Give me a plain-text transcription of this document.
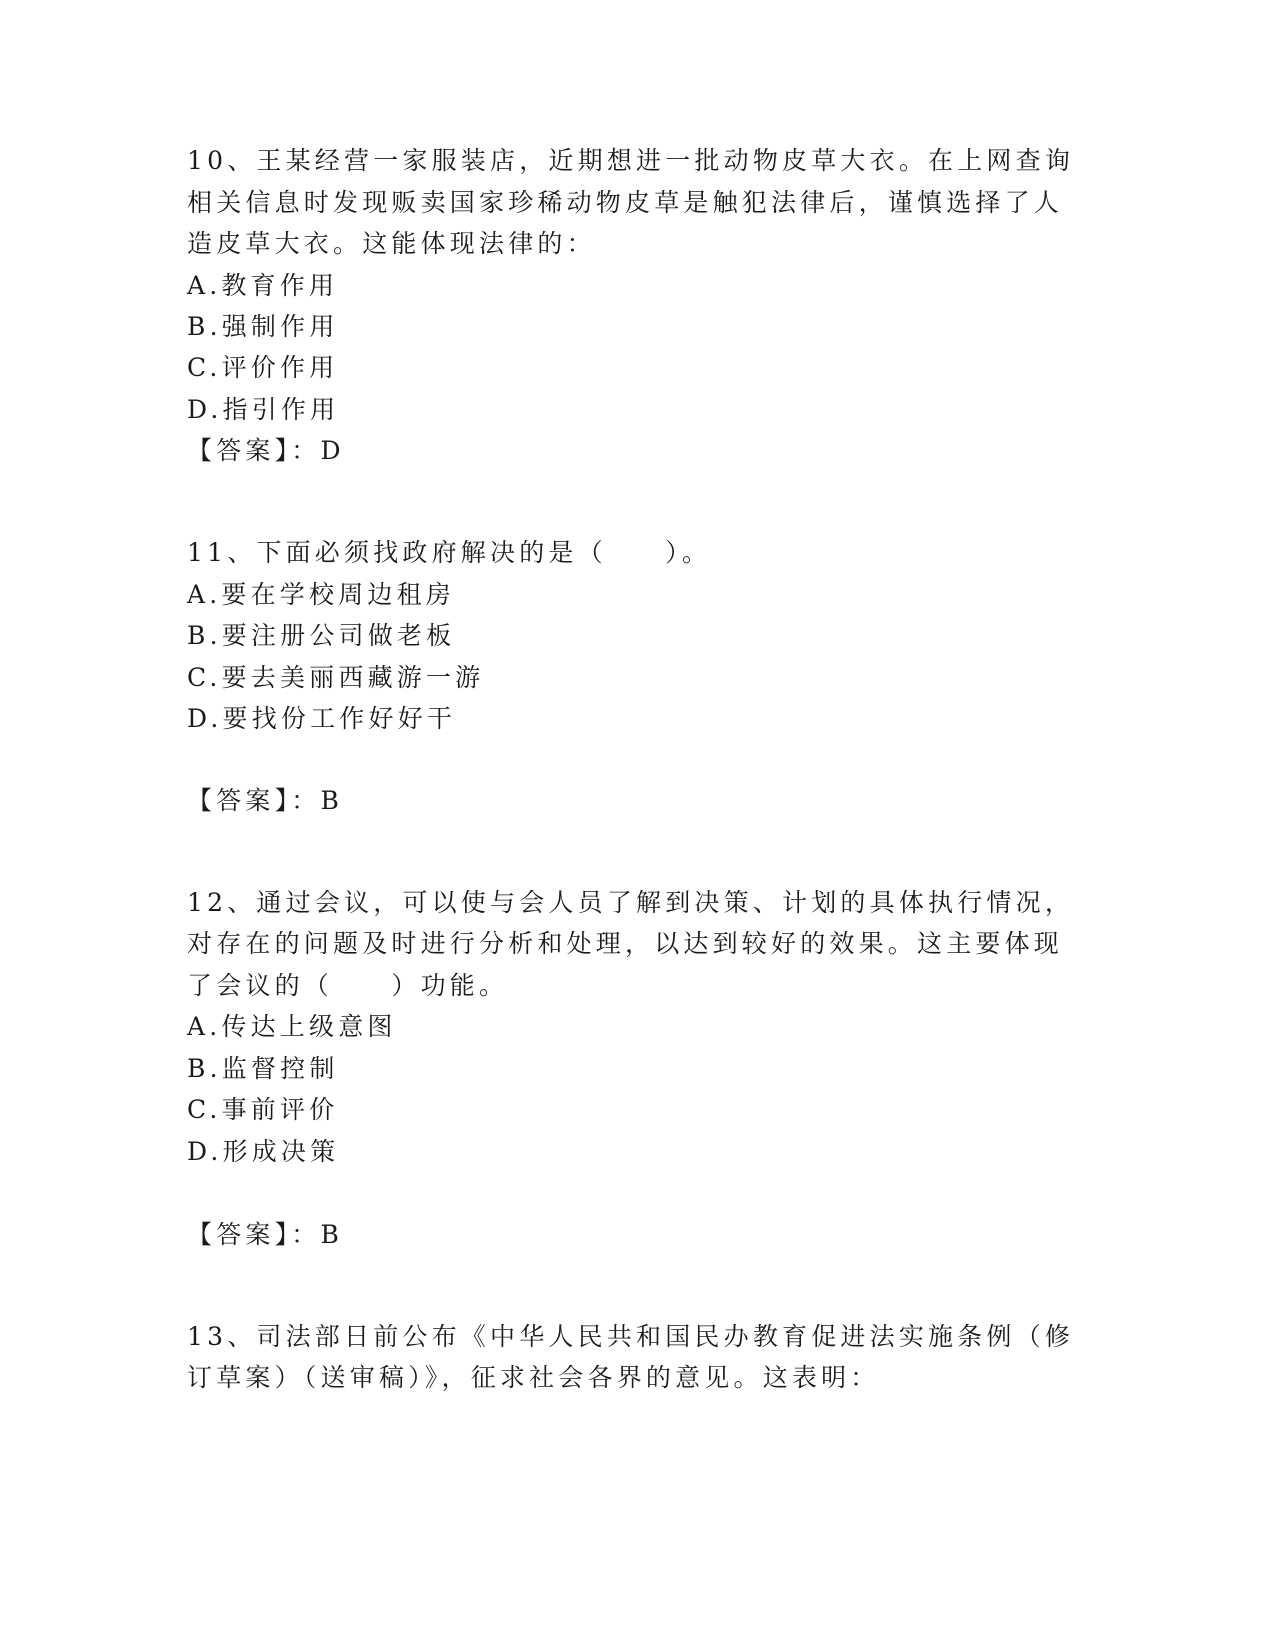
10、王某经营一家服装店，近期想进一批动物皮草大衣。在上网查询
相关信息时发现贩卖国家珍稀动物皮草是触犯法律后，谨慎选择了人
造皮草大衣。这能体现法律的：
A.教育作用
B.强制作用
C.评价作用
D.指引作用
【答案】：D
11、下面必须找政府解决的是（　　）。
A.要在学校周边租房
B.要注册公司做老板
C.要去美丽西藏游一游
D.要找份工作好好干
【答案】：B
12、通过会议，可以使与会人员了解到决策、计划的具体执行情况，
对存在的问题及时进行分析和处理，以达到较好的效果。这主要体现
了会议的（　　）功能。
A.传达上级意图
B.监督控制
C.事前评价
D.形成决策
【答案】：B
13、司法部日前公布《中华人民共和国民办教育促进法实施条例（修
订草案）（送审稿）》，征求社会各界的意见。这表明：
